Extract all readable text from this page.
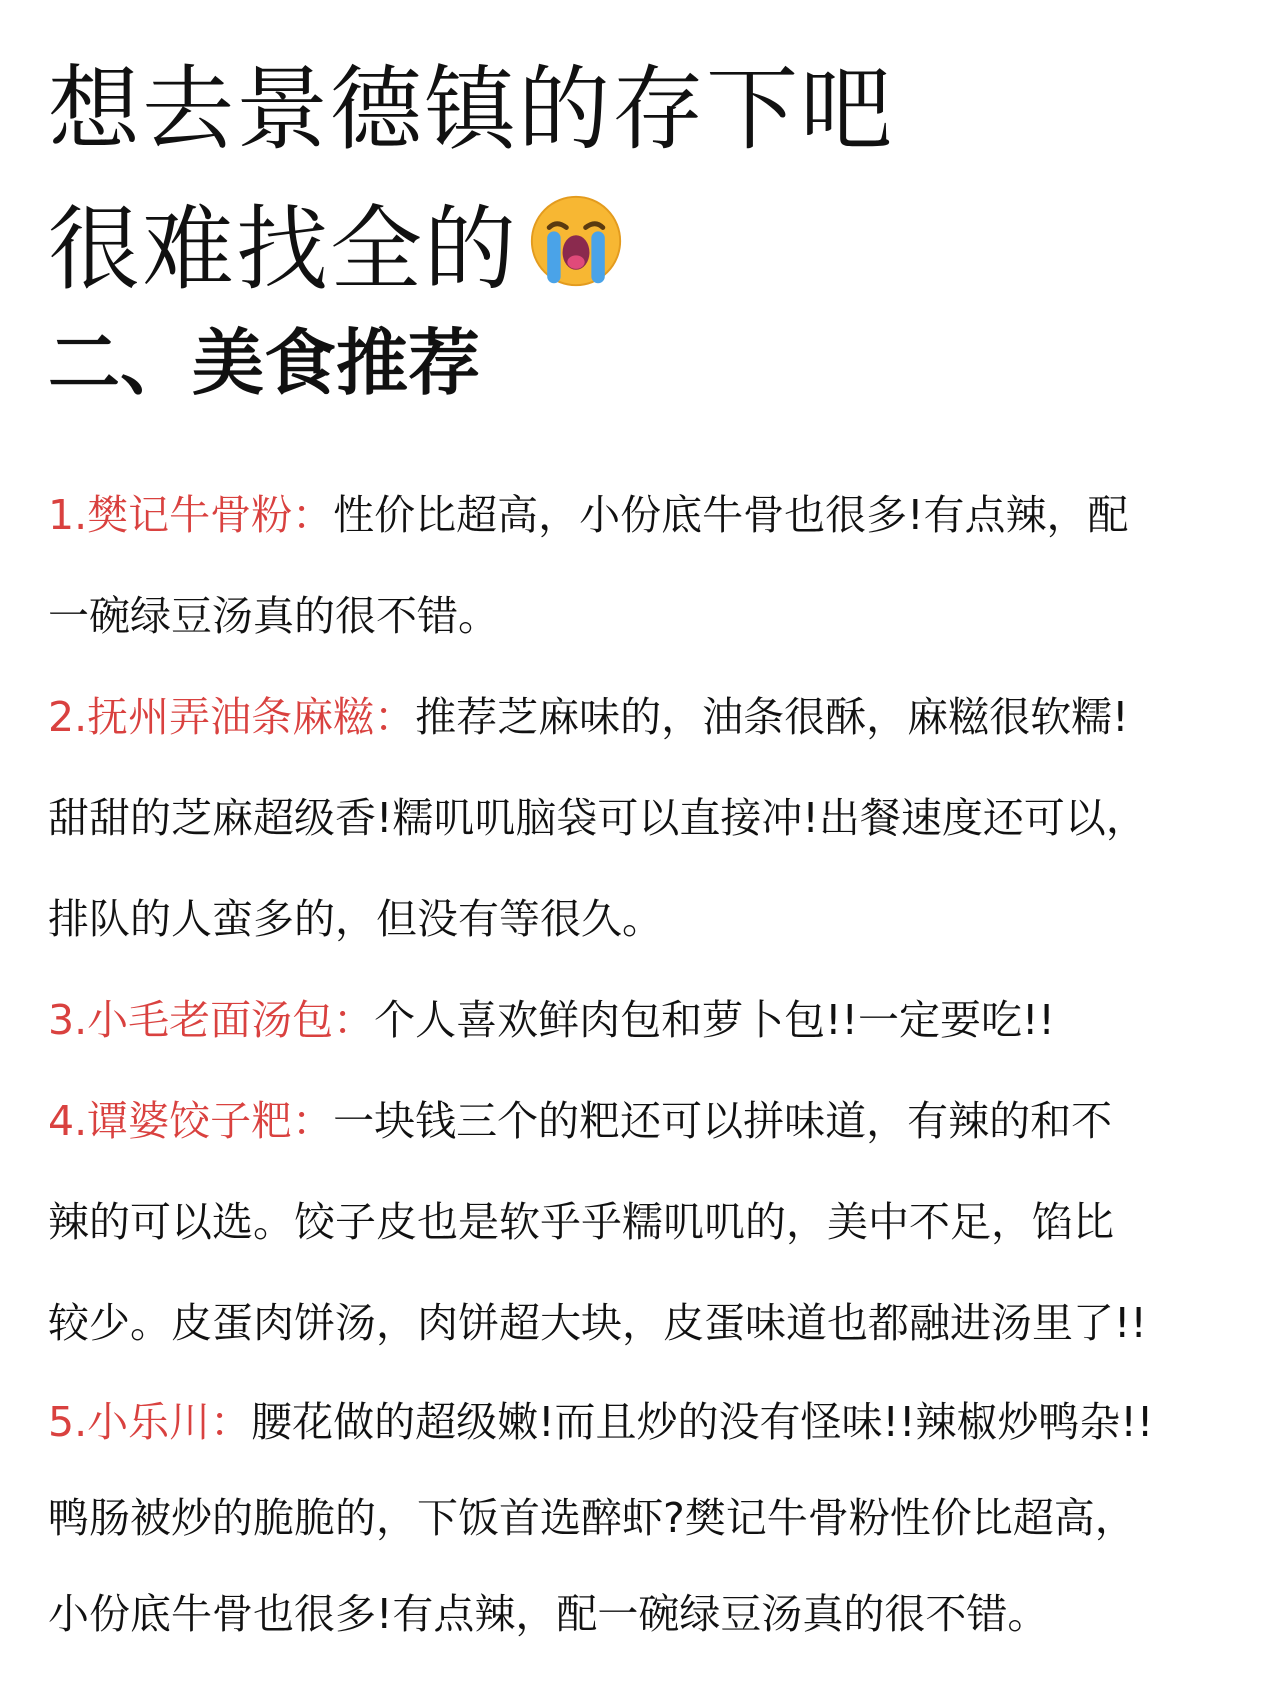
想去景德镇的存下吧
很难找全的
二、美食推荐
1.樊记牛骨粉：性价比超高，小份底牛骨也很多!有点辣，配
一碗绿豆汤真的很不错。
2.抚州弄油条麻糍：推荐芝麻味的，油条很酥，麻糍很软糯!
甜甜的芝麻超级香!糯叽叽脑袋可以直接冲!出餐速度还可以，
排队的人蛮多的，但没有等很久。
3.小毛老面汤包：个人喜欢鲜肉包和萝卜包!!一定要吃!!
4.谭婆饺子粑：一块钱三个的粑还可以拼味道，有辣的和不
辣的可以选。饺子皮也是软乎乎糯叽叽的，美中不足，馅比
较少。皮蛋肉饼汤，肉饼超大块，皮蛋味道也都融进汤里了!!
5.小乐川：腰花做的超级嫩!而且炒的没有怪味!!辣椒炒鸭杂!!
鸭肠被炒的脆脆的，下饭首选醉虾?樊记牛骨粉性价比超高，
小份底牛骨也很多!有点辣，配一碗绿豆汤真的很不错。
